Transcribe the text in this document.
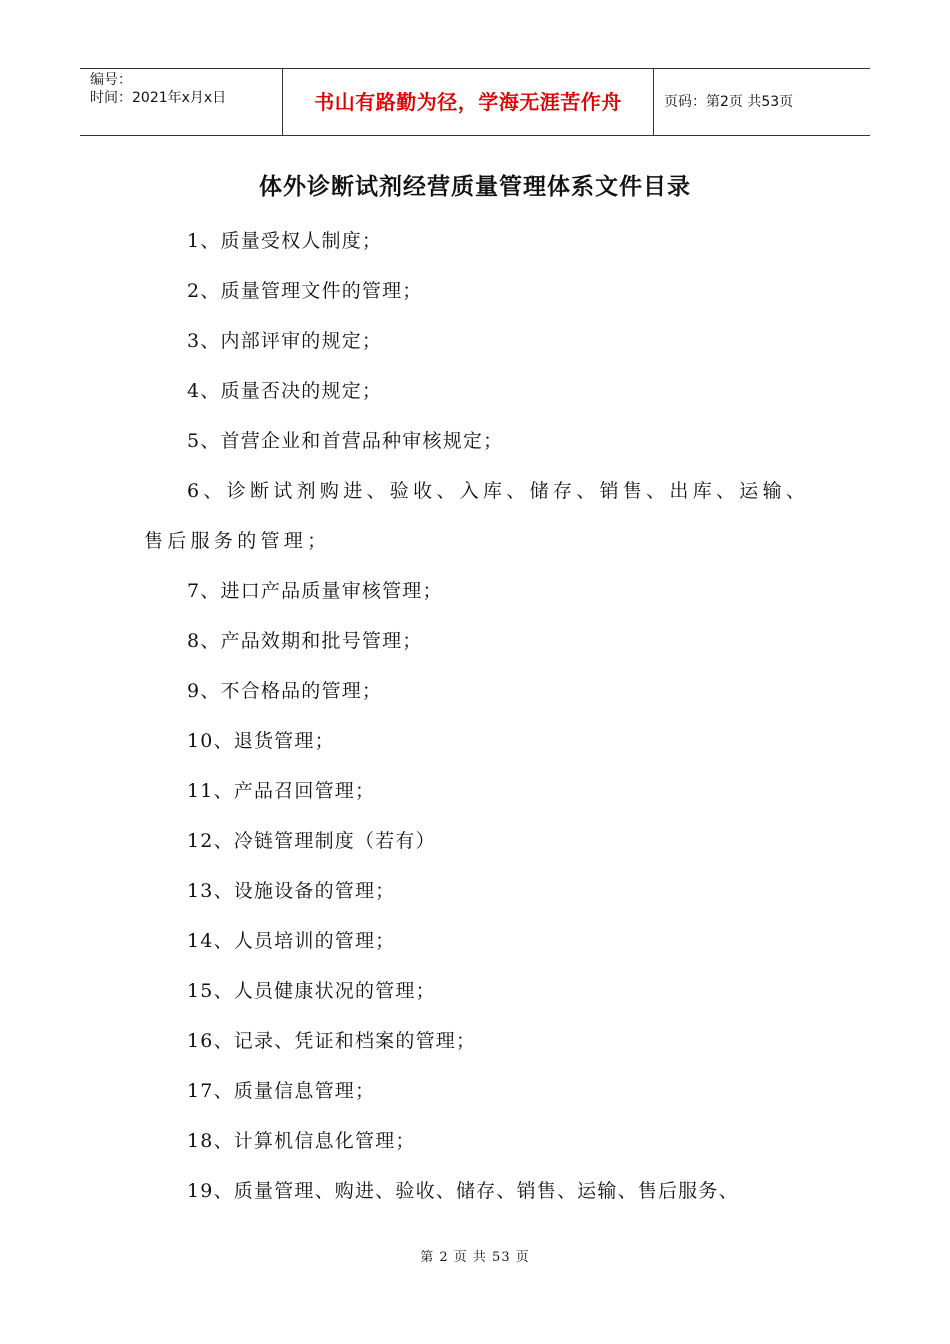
编号：
时间：2021年x月x日	书山有路勤为径，学海无涯苦作舟	页码：第2页 共53页
体外诊断试剂经营质量管理体系文件目录
1、质量受权人制度；
2、质量管理文件的管理；
3、内部评审的规定；
4、质量否决的规定；
5、首营企业和首营品种审核规定；
6、诊断试剂购进、验收、入库、储存、销售、出库、运输、售后服务的管理；
7、进口产品质量审核管理；
8、产品效期和批号管理；
9、不合格品的管理；
10、退货管理；
11、产品召回管理；
12、冷链管理制度（若有）
13、设施设备的管理；
14、人员培训的管理；
15、人员健康状况的管理；
16、记录、凭证和档案的管理；
17、质量信息管理；
18、计算机信息化管理；
19、质量管理、购进、验收、储存、销售、运输、售后服务、
第 2 页 共 53 页
